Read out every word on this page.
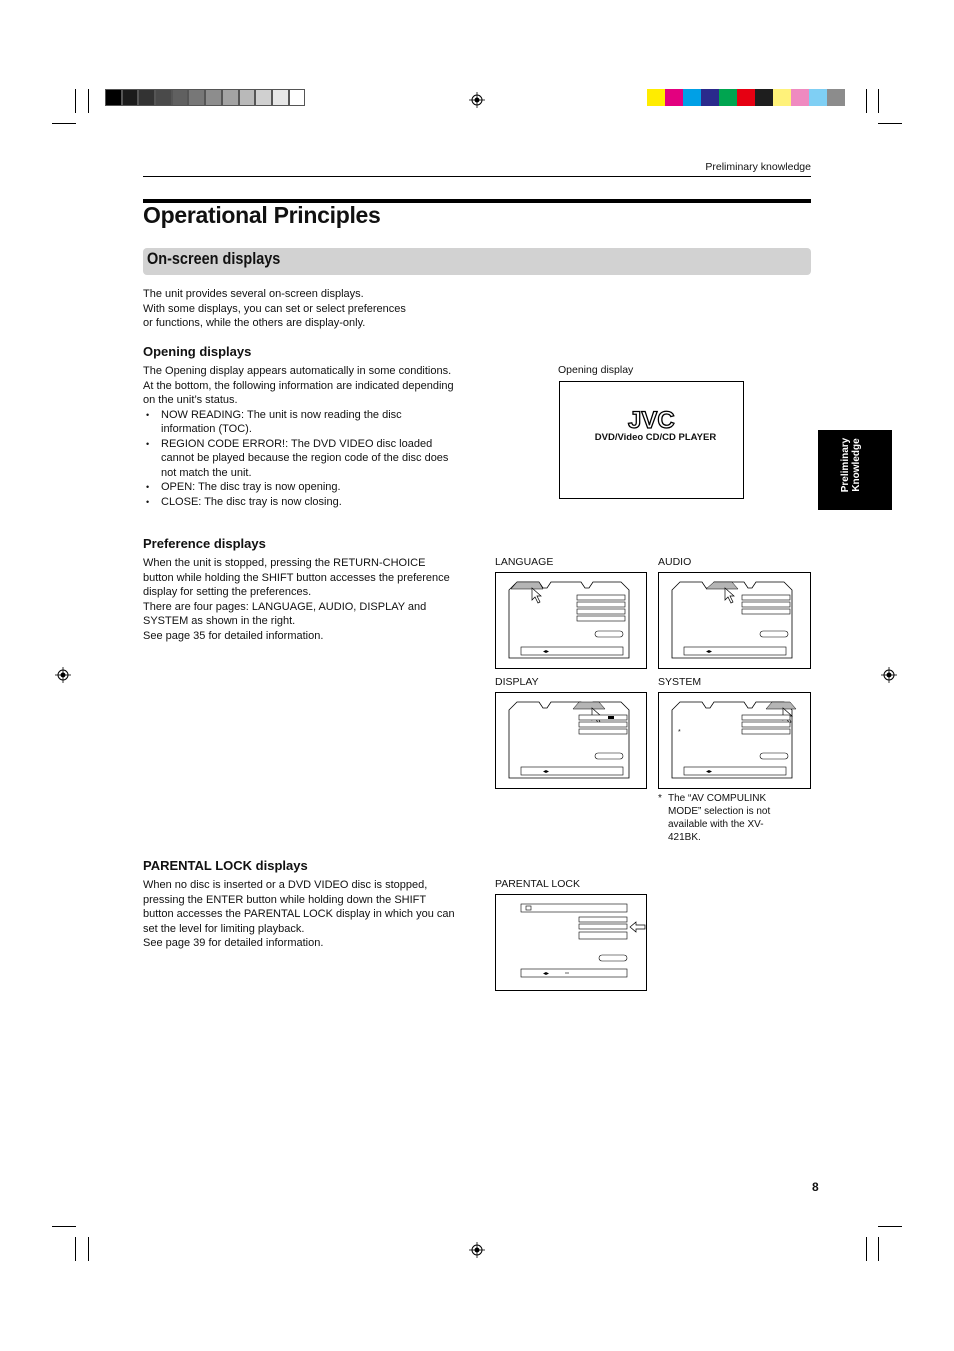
Preliminary knowledge
Operational Principles
On-screen displays

The unit provides several on-screen displays.

With some displays, you can set or select preferences

or functions, while the others are display-only.

Opening displays

The Opening display appears automatically in some conditions.

At the bottom, the following information are indicated depending on the unit’s status.

• NOW READING: The unit is now reading the disc information (TOC).
• REGION CODE ERROR!: The DVD VIDEO disc loaded cannot be played because the region code of the disc does not match the unit.
• OPEN: The disc tray is now opening.
• CLOSE: The disc tray is now closing.
Opening display
JVC
DVD/Video CD/CD PLAYER
Preliminary Knowledge
Preference displays

When the unit is stopped, pressing the RETURN-CHOICE button while holding the SHIFT button accesses the preference display for setting the preferences.

There are four pages: LANGUAGE, AUDIO, DISPLAY and SYSTEM as shown in the right.

See page 35 for detailed information.

LANGUAGE	AUDIO
DISPLAY	SYSTEM
◂▸	◂▸
◂▸	◂▸
*
* The “AV COMPULINK MODE” selection is not available with the XV-421BK.
PARENTAL LOCK displays

When no disc is inserted or a DVD VIDEO disc is stopped, pressing the ENTER button while holding down the SHIFT button accesses the PARENTAL LOCK display in which you can set the level for limiting playback.

See page 39 for detailed information.

PARENTAL LOCK
◂▸
8
